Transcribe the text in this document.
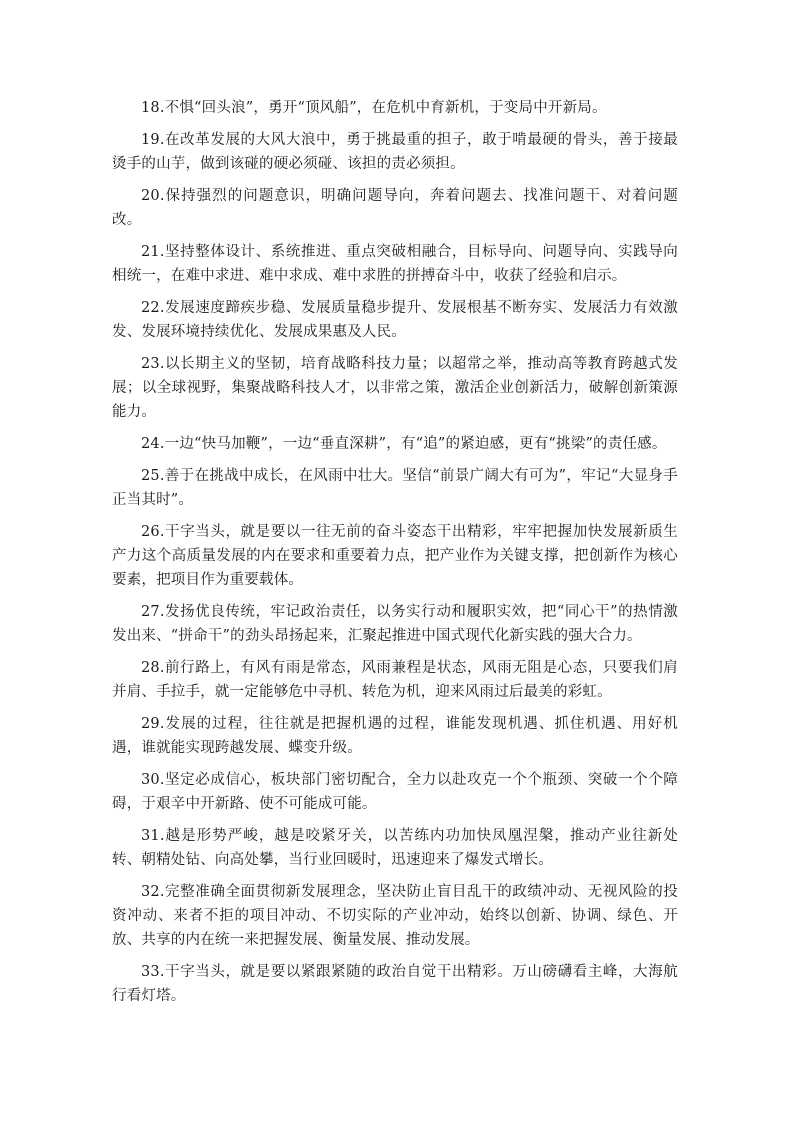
18.不惧“回头浪”，勇开“顶风船”，在危机中育新机，于变局中开新局。

19.在改革发展的大风大浪中，勇于挑最重的担子，敢于啃最硬的骨头，善于接最烫手的山芋，做到该碰的硬必须碰、该担的责必须担。

20.保持强烈的问题意识，明确问题导向，奔着问题去、找准问题干、对着问题改。

21.坚持整体设计、系统推进、重点突破相融合，目标导向、问题导向、实践导向相统一，在难中求进、难中求成、难中求胜的拼搏奋斗中，收获了经验和启示。

22.发展速度蹄疾步稳、发展质量稳步提升、发展根基不断夯实、发展活力有效激发、发展环境持续优化、发展成果惠及人民。

23.以长期主义的坚韧，培育战略科技力量；以超常之举，推动高等教育跨越式发展；以全球视野，集聚战略科技人才，以非常之策，激活企业创新活力，破解创新策源能力。

24.一边“快马加鞭”，一边“垂直深耕”，有“追”的紧迫感，更有“挑梁”的责任感。

25.善于在挑战中成长，在风雨中壮大。坚信“前景广阔大有可为”，牢记“大显身手正当其时”。

26.干字当头，就是要以一往无前的奋斗姿态干出精彩，牢牢把握加快发展新质生产力这个高质量发展的内在要求和重要着力点，把产业作为关键支撑，把创新作为核心要素，把项目作为重要载体。

27.发扬优良传统，牢记政治责任，以务实行动和履职实效，把“同心干”的热情激发出来、“拼命干”的劲头昂扬起来，汇聚起推进中国式现代化新实践的强大合力。

28.前行路上，有风有雨是常态，风雨兼程是状态，风雨无阻是心态，只要我们肩并肩、手拉手，就一定能够危中寻机、转危为机，迎来风雨过后最美的彩虹。

29.发展的过程，往往就是把握机遇的过程，谁能发现机遇、抓住机遇、用好机遇，谁就能实现跨越发展、蝶变升级。

30.坚定必成信心，板块部门密切配合，全力以赴攻克一个个瓶颈、突破一个个障碍，于艰辛中开新路、使不可能成可能。

31.越是形势严峻，越是咬紧牙关，以苦练内功加快凤凰涅槃，推动产业往新处转、朝精处钻、向高处攀，当行业回暖时，迅速迎来了爆发式增长。

32.完整准确全面贯彻新发展理念，坚决防止盲目乱干的政绩冲动、无视风险的投资冲动、来者不拒的项目冲动、不切实际的产业冲动，始终以创新、协调、绿色、开放、共享的内在统一来把握发展、衡量发展、推动发展。

33.干字当头，就是要以紧跟紧随的政治自觉干出精彩。万山磅礴看主峰，大海航行看灯塔。
